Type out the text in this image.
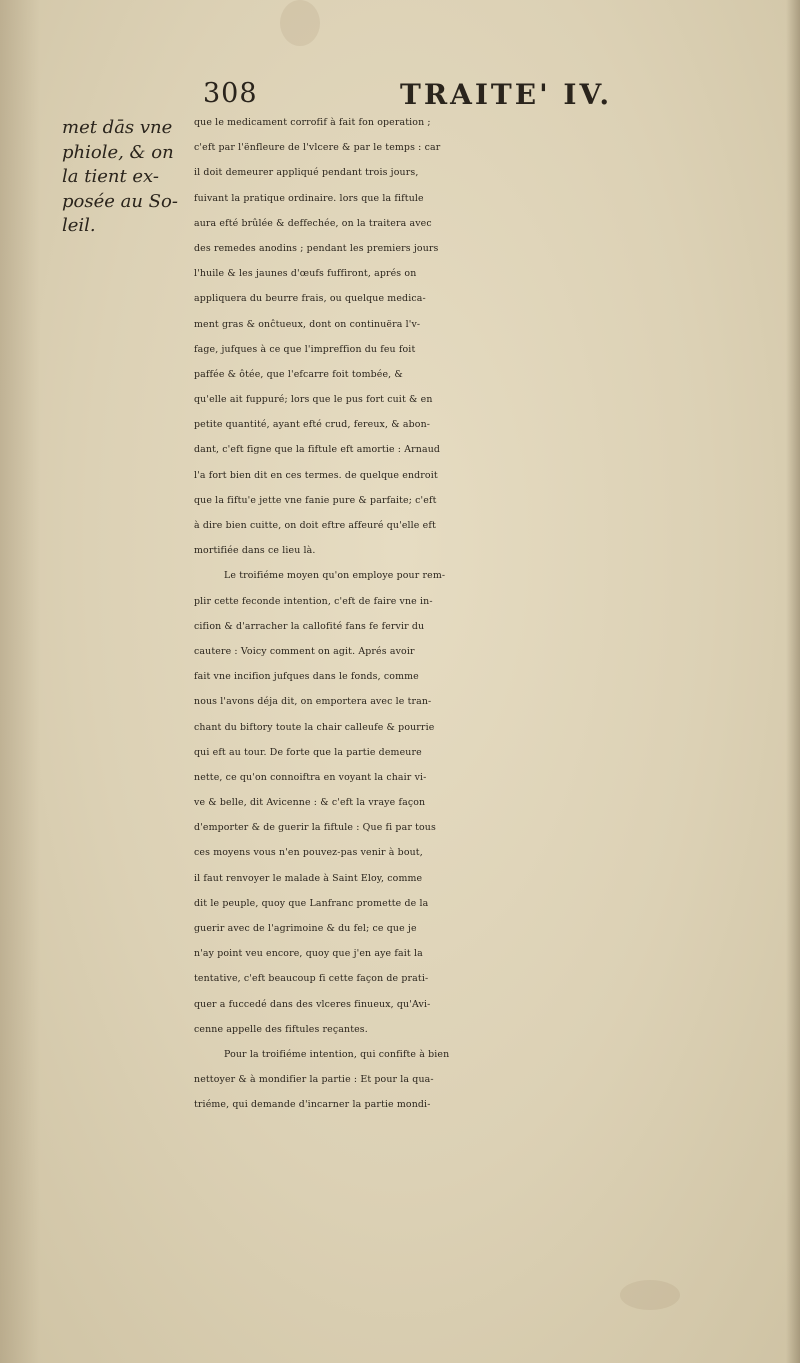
308	TRAITE' IV.
met dās vne
phiole, & on
la tient ex-
posée au So-
leil.
que le medicament corrofif à fait fon operation ;
c'eft par l'ënfleure de l'vlcere & par le temps : car
il doit demeurer appliqué pendant trois jours,
fuivant la pratique ordinaire. lors que la fiftule
aura efté brûlée & deffechée, on la traitera avec
des remedes anodins ; pendant les premiers jours
l'huile & les jaunes d'œufs fuffiront, aprés on
appliquera du beurre frais, ou quelque medica-
ment gras & onĉtueux, dont on continuëra l'v-
fage, jufques à ce que l'impreffion du feu foit
paffée & ôtée, que l'efcarre foit tombée, &
qu'elle ait fuppuré; lors que le pus fort cuit & en
petite quantité, ayant efté crud, fereux, & abon-
dant, c'eft figne que la fiftule eft amortie : Arnaud
l'a fort bien dit en ces termes. de quelque endroit
que la fiftu'e jette vne fanie pure & parfaite; c'eft
à dire bien cuitte, on doit eftre affeuré qu'elle eft
mortifiée dans ce lieu là.
Le troifiéme moyen qu'on employe pour rem-
plir cette feconde intention, c'eft de faire vne in-
cifion & d'arracher la callofité fans fe fervir du
cautere : Voicy comment on agit. Aprés avoir
fait vne incifion jufques dans le fonds, comme
nous l'avons déja dit, on emportera avec le tran-
chant du biftory toute la chair calleufe & pourrie
qui eft au tour. De forte que la partie demeure
nette, ce qu'on connoiftra en voyant la chair vi-
ve & belle, dit Avicenne : & c'eft la vraye façon
d'emporter & de guerir la fiftule : Que fi par tous
ces moyens vous n'en pouvez-pas venir à bout,
il faut renvoyer le malade à Saint Eloy, comme
dit le peuple, quoy que Lanfranc promette de la
guerir avec de l'agrimoine & du fel; ce que je
n'ay point veu encore, quoy que j'en aye fait la
tentative, c'eft beaucoup fi cette façon de prati-
quer a fuccedé dans des vlceres finueux, qu'Avi-
cenne appelle des fiftules reçantes.
Pour la troifiéme intention, qui confifte à bien
nettoyer & à mondifier la partie : Et pour la qua-
triéme, qui demande d'incarner la partie mondi-
